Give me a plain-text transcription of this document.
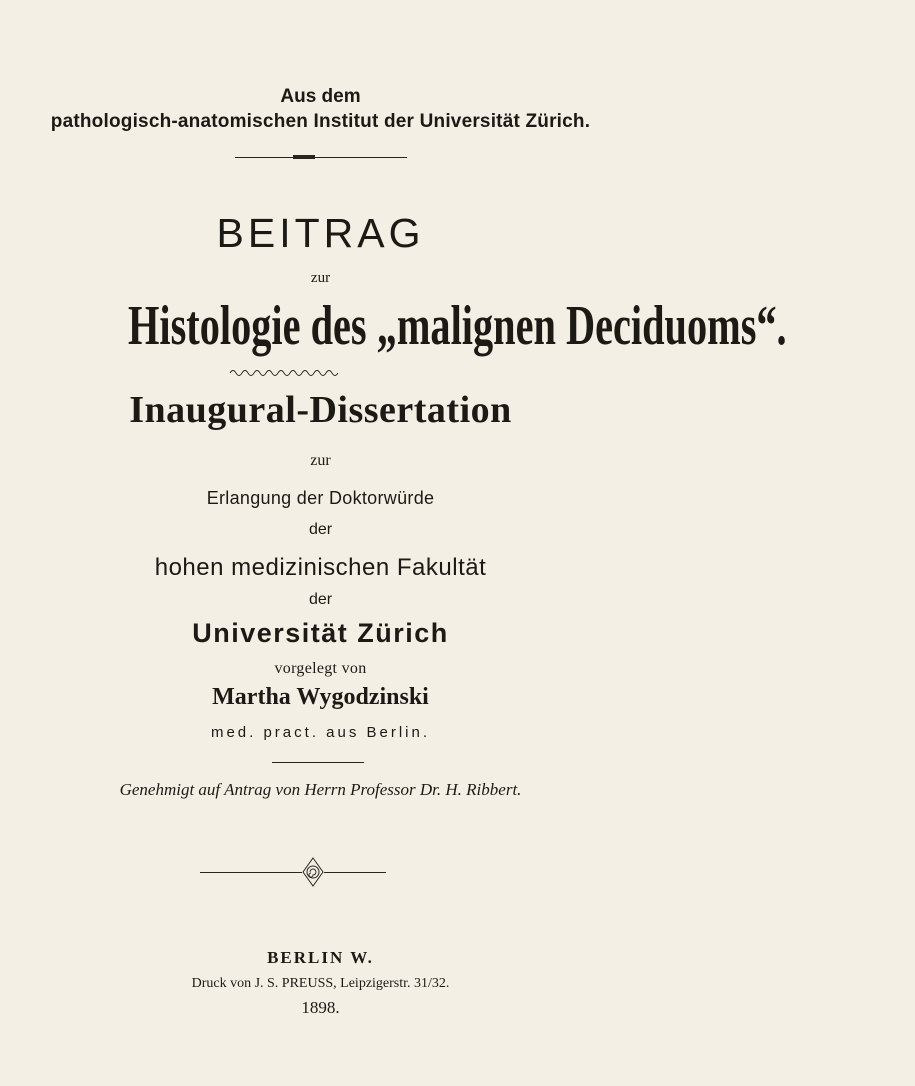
Aus dem
pathologisch-anatomischen Institut der Universität Zürich.
BEITRAG
zur
Histologie des „malignen Deciduoms“.
Inaugural-Dissertation
zur
Erlangung der Doktorwürde
der
hohen medizinischen Fakultät
der
Universität Zürich
vorgelegt von
Martha Wygodzinski
med. pract. aus Berlin.
Genehmigt auf Antrag von Herrn Professor Dr. H. Ribbert.
BERLIN W.
Druck von J. S. PREUSS, Leipzigerstr. 31/32.
1898.
